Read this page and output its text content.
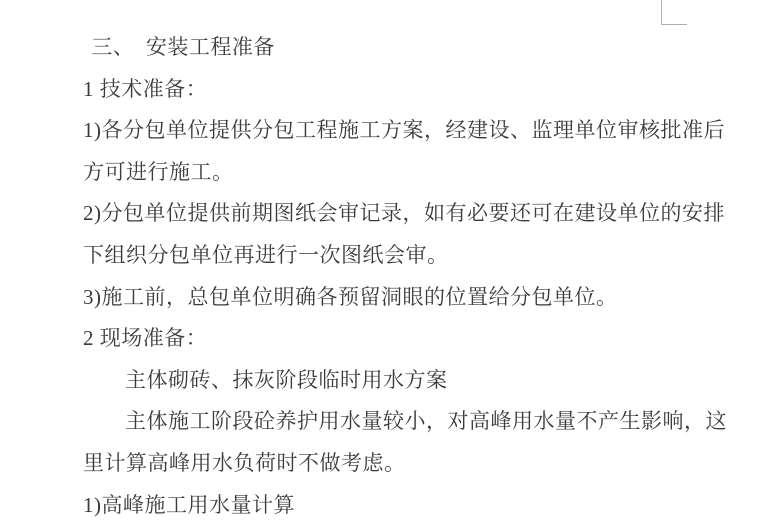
三、  安装工程准备
1 技术准备：
1)各分包单位提供分包工程施工方案，经建设、监理单位审核批准后
方可进行施工。
2)分包单位提供前期图纸会审记录，如有必要还可在建设单位的安排
下组织分包单位再进行一次图纸会审。
3)施工前，总包单位明确各预留洞眼的位置给分包单位。
2 现场准备：
主体砌砖、抹灰阶段临时用水方案
主体施工阶段砼养护用水量较小，对高峰用水量不产生影响，这
里计算高峰用水负荷时不做考虑。
1)高峰施工用水量计算
